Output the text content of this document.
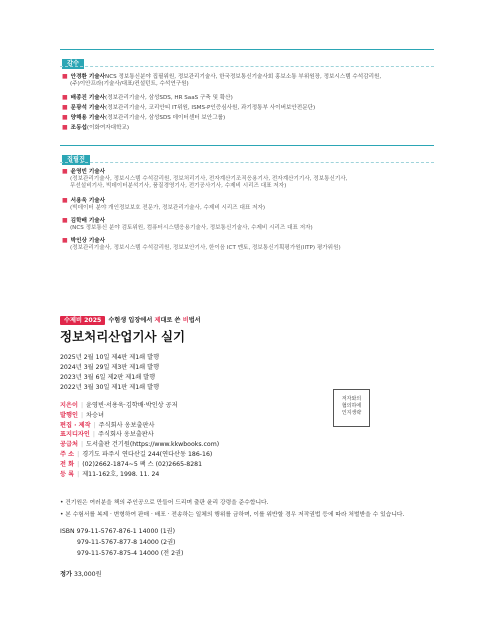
감수
■ 안경환 기술사NCS 정보통신분야 집필위원, 정보관리기술사, 한국정보통신기술사회 홍보소통 부위원장, 정보시스템 수석감리원,
(주)이안프라(기술사/대표/컨설턴트, 수석연구원)
■ 배종진 기술사(정보관리기술사, 삼성SDS, HR SaaS 구축 및 확산)
■ 문광석 기술사(정보관리기술사, 코리안티 IT위원, ISMS-P인증심사원, 과기정통부 사이버보안전문단)
■ 양해용 기술사(정보관리기술사, 삼성SDS 데이터센터 보안그룹)
■ 조동섭(이화여자대학교)
집필진
■ 윤영빈 기술사
(정보관리기술사, 정보시스템 수석감리원, 정보처리기사, 전자계산기조직응용기사, 전자계산기기사, 정보통신기사,
무선설비기사, 빅데이터분석기사, 품질경영기사, 전기공사기사, 수제비 시리즈 대표 저자)
■ 서용욱 기술사
(빅데이터 분야 개인정보보호 전문가, 정보관리기술사, 수제비 시리즈 대표 저자)
■ 김학배 기술사
(NCS 정보통신 분야 검토위원, 컴퓨터시스템응용기술사, 정보통신기술사, 수제비 시리즈 대표 저자)
■ 박인상 기술사
(정보관리기술사, 정보시스템 수석감리원, 정보보안기사, 한이음 ICT 멘토, 정보통신기획평가원(IITP) 평가위원)
수제비 2025 수험생 입장에서 제대로 쓴 비법서
정보처리산업기사 실기
2025년 2월 10일 제4판 제1쇄 발행
2024년 3월 29일 제3판 제1쇄 발행
2023년 3월 6일 제2판 제1쇄 발행
2022년 3월 30일 제1판 제1쇄 발행
저자와의
협의하에
인지생략
지은이 | 윤영빈·서용욱·김학배·박인상 공저
발행인 | 차승녀
편집 · 제작 | 주식회사 옹보출판사
표지디자인 | 주식회사 옹보출판사
공급처 | 도서출판 건기원(https://www.kkwbooks.com)
주 소 | 경기도 파주시 연다산길 244(연다산동 186-16)
전 화 | (02)2662-1874~5 팩 스 (02)2665-8281
등 록 | 제11-162호, 1998. 11. 24
• 건기원은 여러분을 책의 주인공으로 만들어 드리며 출판 윤리 강령을 준수합니다.
• 본 수험서를 복제 · 변형하여 판매 · 배포 · 전송하는 일체의 행위를 금하며, 이를 위반할 경우 저작권법 등에 따라 처벌받을 수 있습니다.
ISBN 979-11-5767-876-1 14000 (1권)
979-11-5767-877-8 14000 (2권)
979-11-5767-875-4 14000 (전 2권)
정가 33,000원
